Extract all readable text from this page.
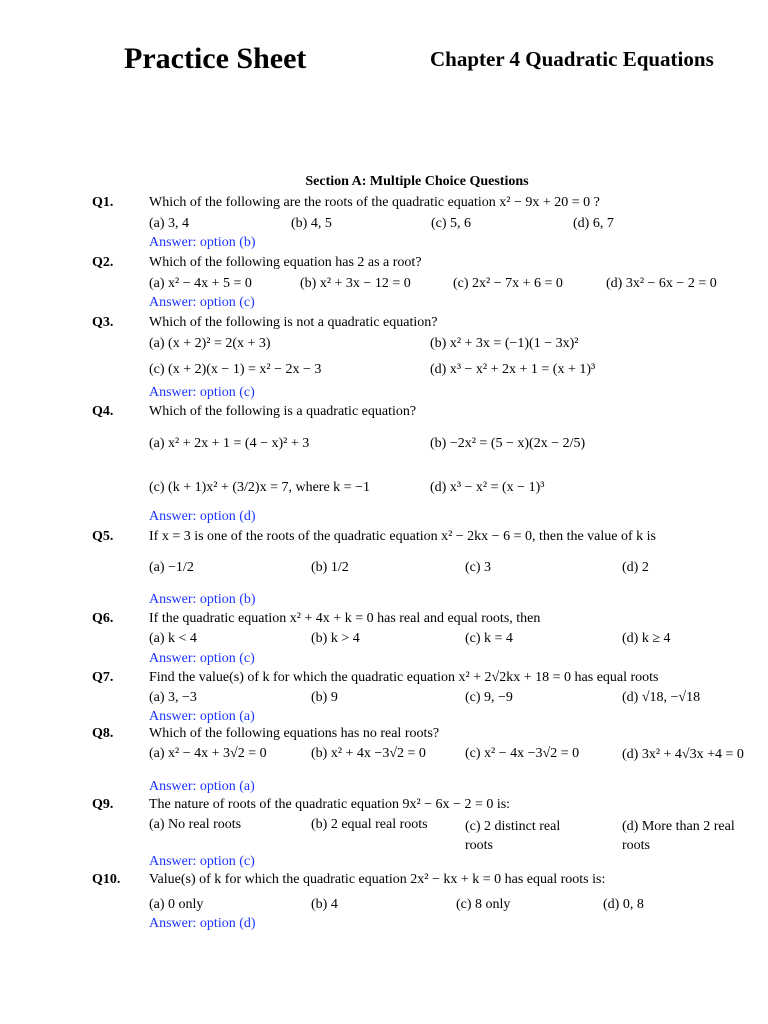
Practice Sheet	Chapter 4 Quadratic Equations
Section A: Multiple Choice Questions
Q1.	Which of the following are the roots of the quadratic equation x² − 9x + 20 = 0 ?
(a) 3, 4	(b) 4, 5	(c) 5, 6	(d) 6, 7
Answer: option (b)
Q2.	Which of the following equation has 2 as a root?
(a) x² − 4x + 5 = 0	(b) x² + 3x − 12 = 0	(c) 2x² − 7x + 6 = 0	(d) 3x² − 6x − 2 = 0
Answer: option (c)
Q3.	Which of the following is not a quadratic equation?
(a) (x + 2)² = 2(x + 3)	(b) x² + 3x = (−1)(1 − 3x)²
(c) (x + 2)(x − 1) = x² − 2x − 3	(d) x³ − x² + 2x + 1 = (x + 1)³
Answer: option (c)
Q4.	Which of the following is a quadratic equation?
(a) x² + 2x + 1 = (4 − x)² + 3	(b) −2x² = (5 − x)(2x − 2/5)
(c) (k + 1)x² + (3/2)x = 7, where k = −1	(d) x³ − x² = (x − 1)³
Answer: option (d)
Q5.	If x = 3 is one of the roots of the quadratic equation x² − 2kx − 6 = 0, then the value of k is
(a) −1/2	(b) 1/2	(c) 3	(d) 2
Answer: option (b)
Q6.	If the quadratic equation x² + 4x + k = 0 has real and equal roots, then
(a) k < 4	(b) k > 4	(c) k = 4	(d) k ≥ 4
Answer: option (c)
Q7.	Find the value(s) of k for which the quadratic equation x² + 2√2kx + 18 = 0 has equal roots
(a) 3, −3	(b) 9	(c) 9, −9	(d) √18, −√18
Answer: option (a)
Q8.	Which of the following equations has no real roots?
(a) x² − 4x + 3√2 = 0	(b) x² + 4x −3√2 = 0	(c) x² − 4x −3√2 = 0	(d) 3x² + 4√3x +4 = 0
Answer: option (a)
Q9.	The nature of roots of the quadratic equation 9x² − 6x − 2 = 0 is:
(a) No real roots	(b) 2 equal real roots	(c) 2 distinct real roots
(d) More than 2 real roots
Answer: option (c)
Q10. Value(s) of k for which the quadratic equation 2x² − kx + k = 0 has equal roots is:
(a) 0 only	(b) 4	(c) 8 only	(d) 0, 8
Answer: option (d)
